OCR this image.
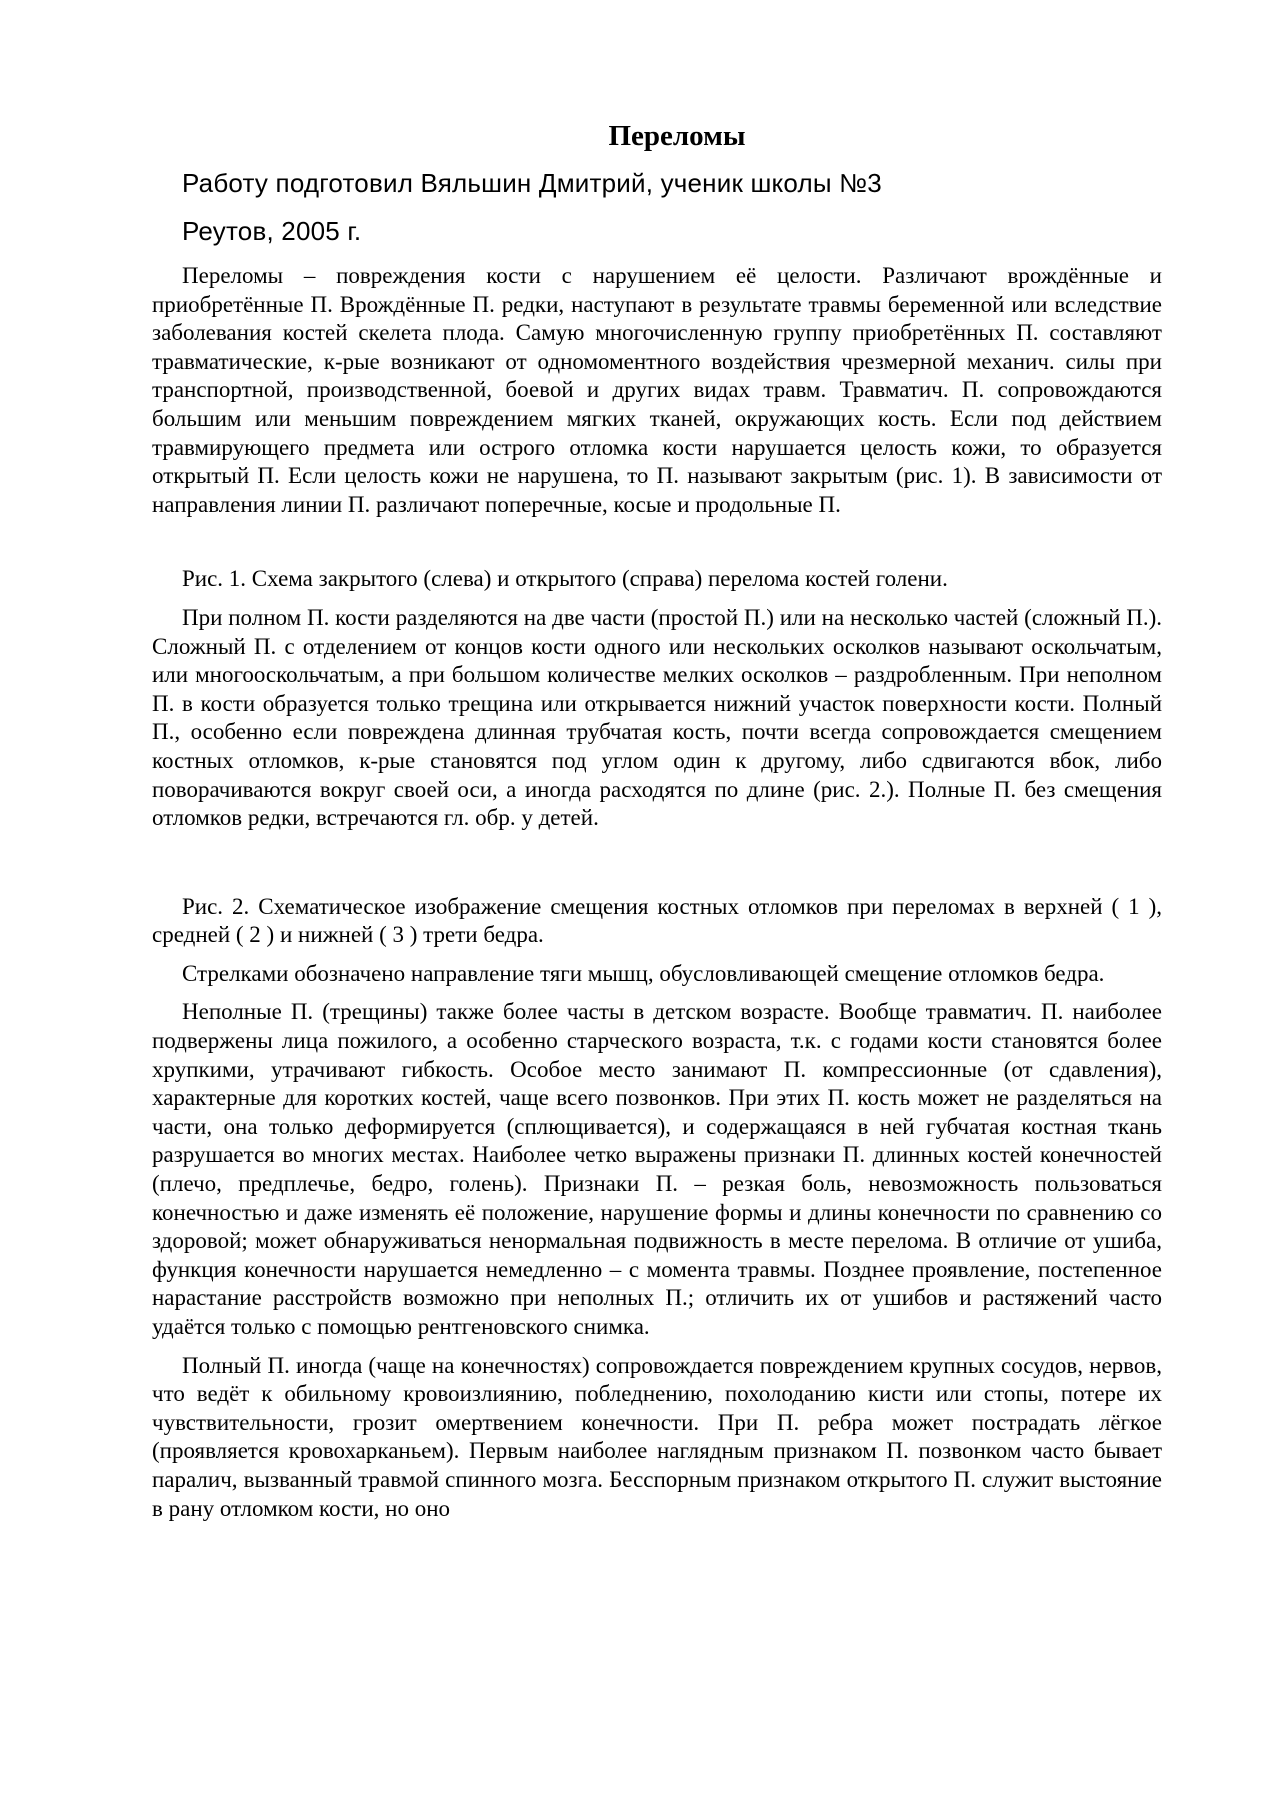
Переломы
Работу подготовил Вяльшин Дмитрий, ученик школы №3
Реутов, 2005 г.

Переломы – повреждения кости с нарушением её целости. Различают врождённые и приобретённые П. Врождённые П. редки, наступают в результате травмы беременной или вследствие заболевания костей скелета плода. Самую многочисленную группу приобретённых П. составляют травматические, к-рые возникают от одномоментного воздействия чрезмерной механич. силы при транспортной, производственной, боевой и других видах травм. Травматич. П. сопровождаются большим или меньшим повреждением мягких тканей, окружающих кость. Если под действием травмирующего предмета или острого отломка кости нарушается целость кожи, то образуется открытый П. Если целость кожи не нарушена, то П. называют закрытым (рис. 1). В зависимости от направления линии П. различают поперечные, косые и продольные П.

Рис. 1. Схема закрытого (слева) и открытого (справа) перелома костей голени.

При полном П. кости разделяются на две части (простой П.) или на несколько частей (сложный П.). Сложный П. с отделением от концов кости одного или нескольких осколков называют оскольчатым, или многооскольчатым, а при большом количестве мелких осколков – раздробленным. При неполном П. в кости образуется только трещина или открывается нижний участок поверхности кости. Полный П., особенно если повреждена длинная трубчатая кость, почти всегда сопровождается смещением костных отломков, к-рые становятся под углом один к другому, либо сдвигаются вбок, либо поворачиваются вокруг своей оси, а иногда расходятся по длине (рис. 2.). Полные П. без смещения отломков редки, встречаются гл. обр. у детей.

Рис. 2. Схематическое изображение смещения костных отломков при переломах в верхней ( 1 ), средней ( 2 ) и нижней ( 3 ) трети бедра.

Стрелками обозначено направление тяги мышц, обусловливающей смещение отломков бедра.

Неполные П. (трещины) также более часты в детском возрасте. Вообще травматич. П. наиболее подвержены лица пожилого, а особенно старческого возраста, т.к. с годами кости становятся более хрупкими, утрачивают гибкость. Особое место занимают П. компрессионные (от сдавления), характерные для коротких костей, чаще всего позвонков. При этих П. кость может не разделяться на части, она только деформируется (сплющивается), и содержащаяся в ней губчатая костная ткань разрушается во многих местах. Наиболее четко выражены признаки П. длинных костей конечностей (плечо, предплечье, бедро, голень). Признаки П. – резкая боль, невозможность пользоваться конечностью и даже изменять её положение, нарушение формы и длины конечности по сравнению со здоровой; может обнаруживаться ненормальная подвижность в месте перелома. В отличие от ушиба, функция конечности нарушается немедленно – с момента травмы. Позднее проявление, постепенное нарастание расстройств возможно при неполных П.; отличить их от ушибов и растяжений часто удаётся только с помощью рентгеновского снимка.

Полный П. иногда (чаще на конечностях) сопровождается повреждением крупных сосудов, нервов, что ведёт к обильному кровоизлиянию, побледнению, похолоданию кисти или стопы, потере их чувствительности, грозит омертвением конечности. При П. ребра может пострадать лёгкое (проявляется кровохарканьем). Первым наиболее наглядным признаком П. позвонком часто бывает паралич, вызванный травмой спинного мозга. Бесспорным признаком открытого П. служит выстояние в рану отломком кости, но оно
